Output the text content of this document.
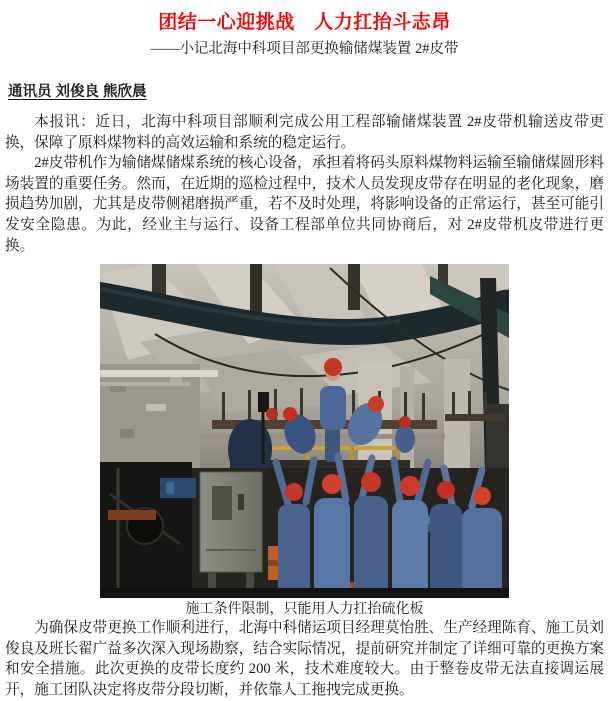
团结一心迎挑战　人力扛抬斗志昂
——小记北海中科项目部更换输储煤装置 2#皮带
通讯员 刘俊良 熊欣晨

本报讯：近日，北海中科项目部顺利完成公用工程部输储煤装置 2#皮带机输送皮带更换，保障了原料煤物料的高效运输和系统的稳定运行。

2#皮带机作为输储煤储煤系统的核心设备，承担着将码头原料煤物料运输至输储煤圆形料场装置的重要任务。然而，在近期的巡检过程中，技术人员发现皮带存在明显的老化现象，磨损趋势加剧，尤其是皮带侧裙磨损严重，若不及时处理，将影响设备的正常运行，甚至可能引发安全隐患。为此，经业主与运行、设备工程部单位共同协商后，对 2#皮带机皮带进行更换。

施工条件限制，只能用人力扛抬硫化板

为确保皮带更换工作顺利进行，北海中科储运项目经理莫怡胜、生产经理陈育、施工员刘俊良及班长翟广益多次深入现场勘察，结合实际情况，提前研究并制定了详细可靠的更换方案和安全措施。此次更换的皮带长度约 200 米，技术难度较大。由于整卷皮带无法直接调运展开，施工团队决定将皮带分段切断，并依靠人工拖拽完成更换。
